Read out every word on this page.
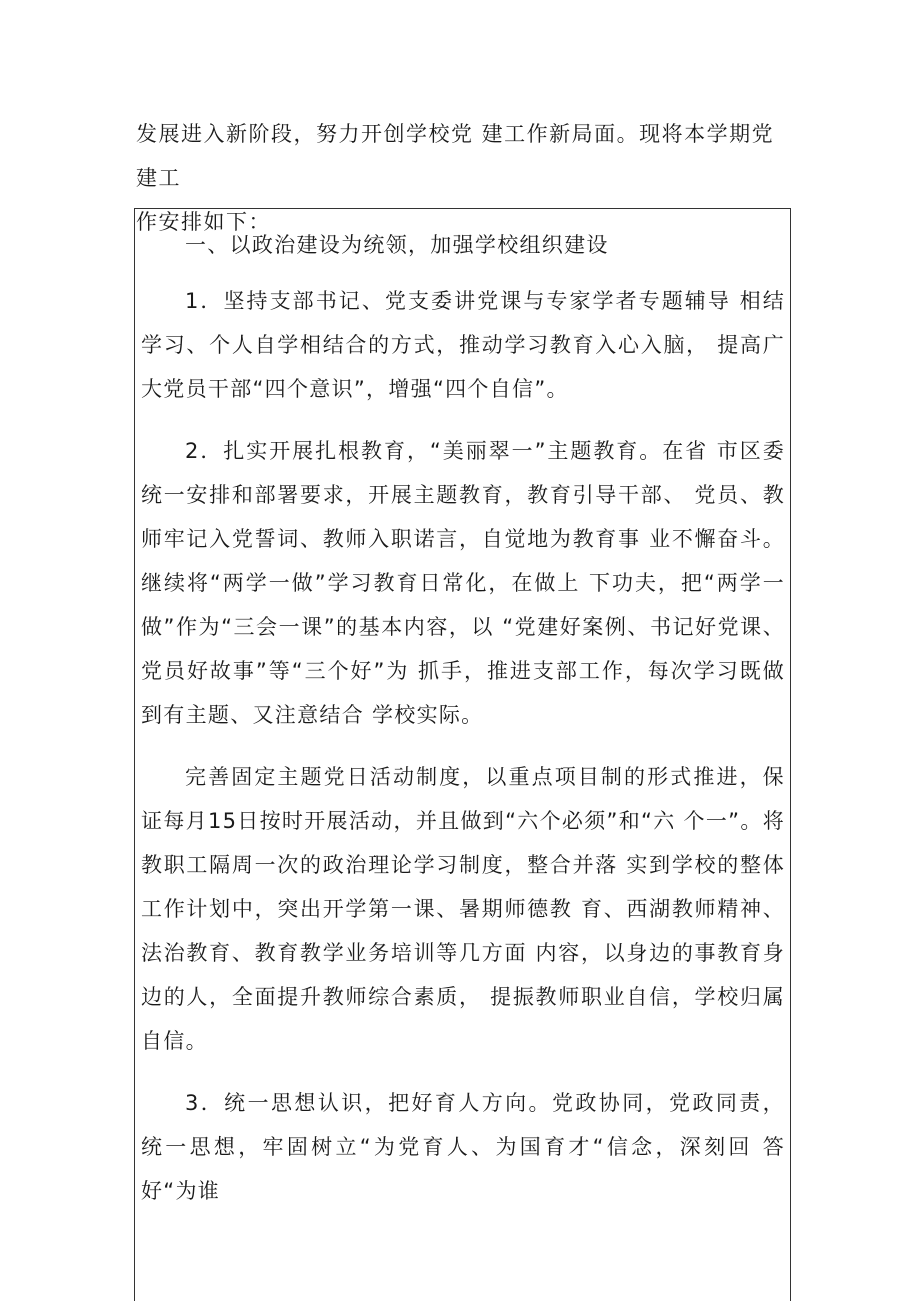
发展进入新阶段，努力开创学校党 建工作新局面。现将本学期党建工

作安排如下：

一、以政治建设为统领，加强学校组织建设

1．坚持支部书记、党支委讲党课与专家学者专题辅导 相结学习、个人自学相结合的方式，推动学习教育入心入脑， 提高广大党员干部“四个意识”，增强“四个自信”。

2．扎实开展扎根教育，“美丽翠一”主题教育。在省 市区委统一安排和部署要求，开展主题教育，教育引导干部、 党员、教师牢记入党誓词、教师入职诺言，自觉地为教育事 业不懈奋斗。继续将“两学一做”学习教育日常化，在做上 下功夫，把“两学一做”作为“三会一课”的基本内容，以 “党建好案例、书记好党课、党员好故事”等“三个好”为 抓手，推进支部工作，每次学习既做到有主题、又注意结合 学校实际。

完善固定主题党日活动制度，以重点项目制的形式推进，保证每月15日按时开展活动，并且做到“六个必须”和“六 个一”。将教职工隔周一次的政治理论学习制度，整合并落 实到学校的整体工作计划中，突出开学第一课、暑期师德教 育、西湖教师精神、法治教育、教育教学业务培训等几方面 内容，以身边的事教育身边的人，全面提升教师综合素质， 提振教师职业自信，学校归属自信。

3．统一思想认识，把好育人方向。党政协同，党政同责， 统一思想，牢固树立“为党育人、为国育才“信念，深刻回 答好“为谁
